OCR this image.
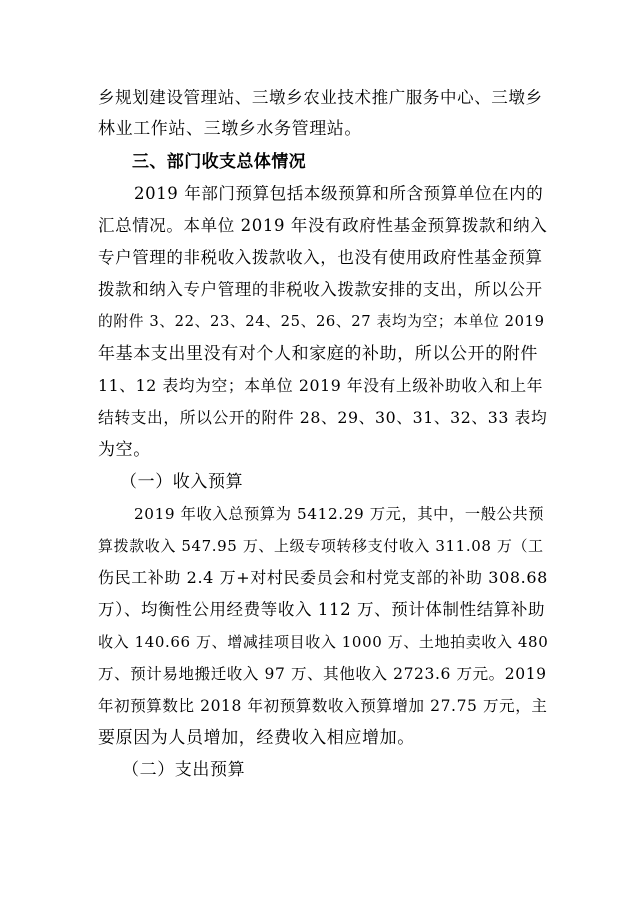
乡规划建设管理站、三墩乡农业技术推广服务中心、三墩乡
林业工作站、三墩乡水务管理站。
三、部门收支总体情况
2019 年部门预算包括本级预算和所含预算单位在内的
汇总情况。本单位 2019 年没有政府性基金预算拨款和纳入
专户管理的非税收入拨款收入，也没有使用政府性基金预算
拨款和纳入专户管理的非税收入拨款安排的支出，所以公开
的附件 3、22、23、24、25、26、27 表均为空；本单位 2019
年基本支出里没有对个人和家庭的补助，所以公开的附件
11、12 表均为空；本单位 2019 年没有上级补助收入和上年
结转支出，所以公开的附件 28、29、30、31、32、33 表均
为空。
（一）收入预算
2019 年收入总预算为 5412.29 万元，其中，一般公共预
算拨款收入 547.95 万、上级专项转移支付收入 311.08 万（工
伤民工补助 2.4 万+对村民委员会和村党支部的补助 308.68
万）、均衡性公用经费等收入 112 万、预计体制性结算补助
收入 140.66 万、增减挂项目收入 1000 万、土地拍卖收入 480
万、预计易地搬迁收入 97 万、其他收入 2723.6 万元。2019
年初预算数比 2018 年初预算数收入预算增加 27.75 万元，主
要原因为人员增加，经费收入相应增加。
（二）支出预算
